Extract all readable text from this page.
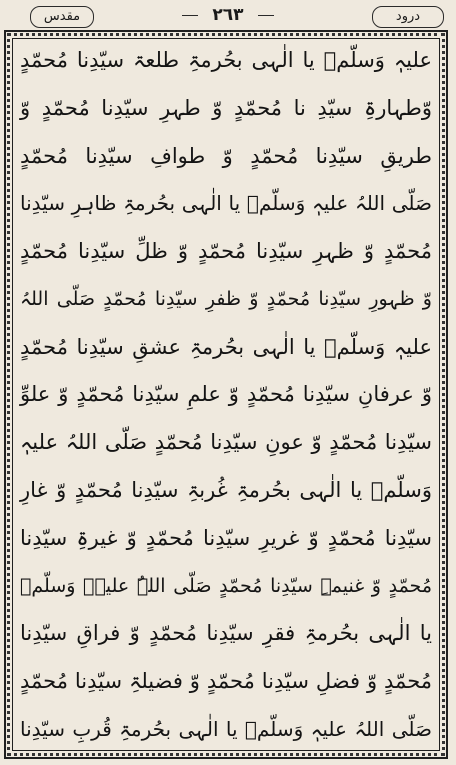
درود
٢٦٣
مقدس
علیہٖ وَسلّمؐ یا الٰہی بحُرمۃِ طلعۃ سیّدِنا مُحمّدٍ
وّطہارۃِ سیّدِ نا مُحمّدٍ وّ طہرِ سیّدِنا مُحمّدٍ وّ
طریقِ سیّدِنا مُحمّدٍ وّ طوافِ سیّدِنا مُحمّدٍ
صَلّی اللہُ علیہٖ وَسلّمؐ یا الٰہی بحُرمۃِ ظاہرِ سیّدِنا
مُحمّدٍ وّ ظہرِ سیّدِنا مُحمّدٍ وّ ظلِّ سیّدِنا مُحمّدٍ
وّ ظہورِ سیّدِنا مُحمّدٍ وّ ظفرِ سیّدِنا مُحمّدٍ صَلّی اللہُ
علیہٖ وَسلّمؐ یا الٰہی بحُرمۃِ عشقِ سیّدِنا مُحمّدٍ
وّ عرفانِ سیّدِنا مُحمّدٍ وّ علمِ سیّدِنا مُحمّدٍ وّ علوِّ
سیّدِنا مُحمّدٍ وّ عونِ سیّدِنا مُحمّدٍ صَلّی اللہُ علیہٖ
وَسلّمؐ یا الٰہی بحُرمۃِ غُربۃِ سیّدِنا مُحمّدٍ وّ غارِ
سیّدِنا مُحمّدٍ وّ غریرِ سیّدِنا مُحمّدٍ وّ غیرۃِ سیّدِنا
مُحمّدٍ وّ غنیمۃِ سیّدِنا مُحمّدٍ صَلّی اللہُ علیہٖ وَسلّمؐ
یا الٰہی بحُرمۃِ فقرِ سیّدِنا مُحمّدٍ وّ فراقِ سیّدِنا
مُحمّدٍ وّ فضلِ سیّدِنا مُحمّدٍ وّ فضیلۃِ سیّدِنا مُحمّدٍ
صَلّی اللہُ علیہٖ وَسلّمؐ یا الٰہی بحُرمۃِ قُربِ سیّدِنا
